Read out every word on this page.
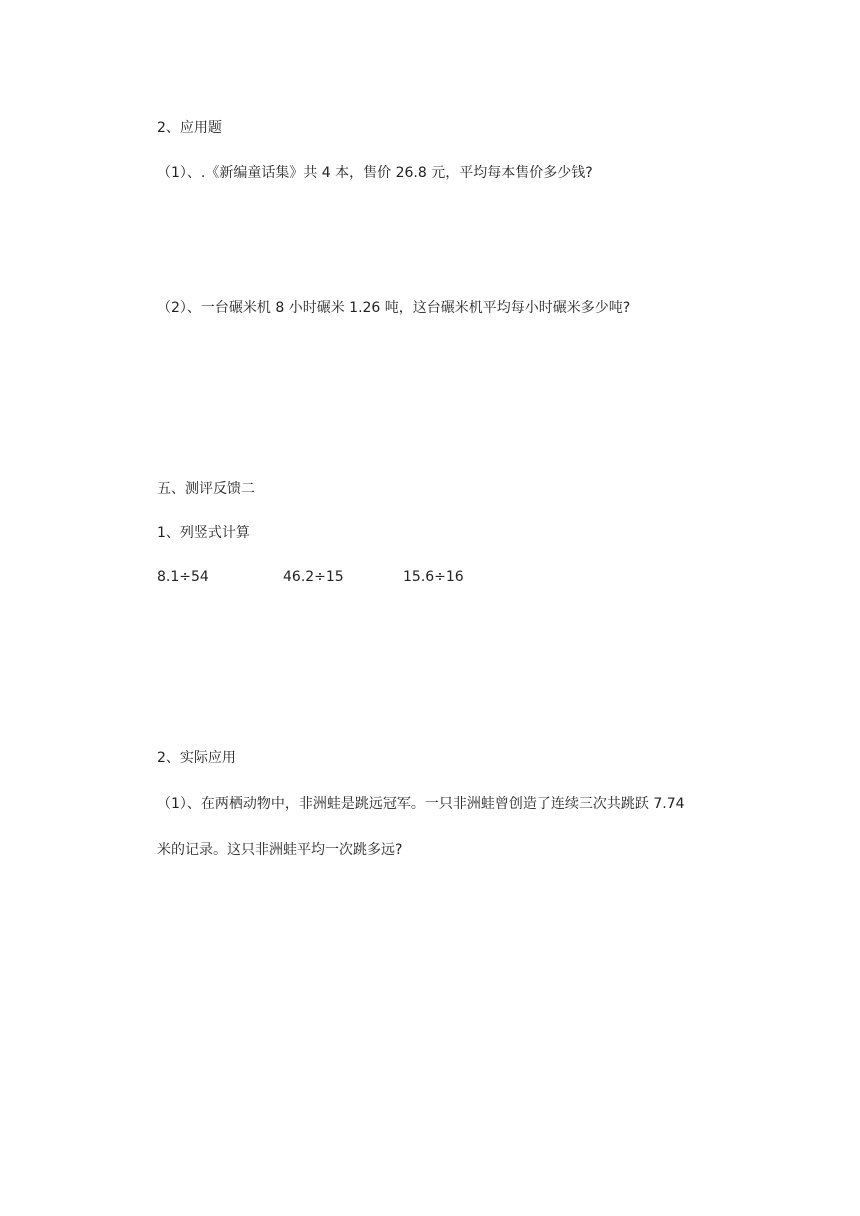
2、应用题
（1）、.《新编童话集》共 4 本，售价 26.8 元，平均每本售价多少钱?
（2）、一台碾米机 8 小时碾米 1.26 吨，这台碾米机平均每小时碾米多少吨?
五、测评反馈二
1、列竖式计算
8.1÷54	46.2÷15	15.6÷16
2、实际应用
（1）、在两栖动物中，非洲蛙是跳远冠军。一只非洲蛙曾创造了连续三次共跳跃 7.74
米的记录。这只非洲蛙平均一次跳多远?
